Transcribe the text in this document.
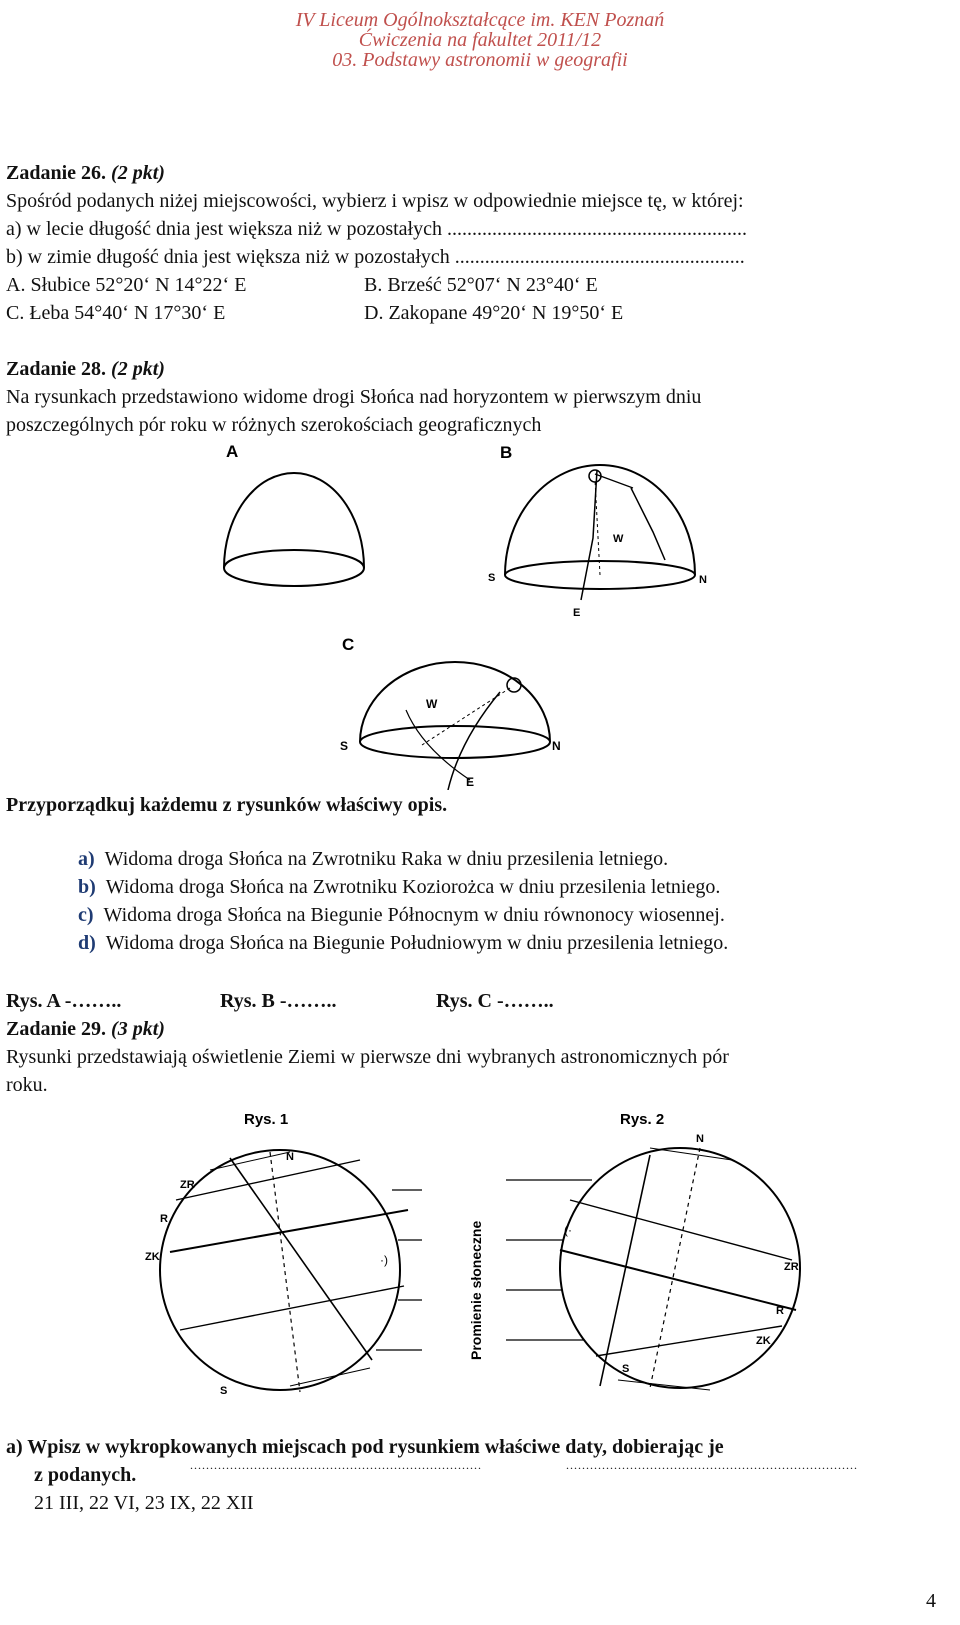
IV Liceum Ogólnokształcące im. KEN Poznań
Ćwiczenia na fakultet 2011/12
03. Podstawy astronomii w geografii
Zadanie 26. (2 pkt)
Spośród podanych niżej miejscowości, wybierz i wpisz w odpowiednie miejsce tę, w której:
a) w lecie długość dnia jest większa niż w pozostałych ............................................................
b) w zimie długość dnia jest większa niż w pozostałych ..........................................................
A. Słubice 52°20‘ N 14°22‘ E	B. Brześć 52°07‘ N 23°40‘ E
C. Łeba 54°40‘ N 17°30‘ E	D. Zakopane 49°20‘ N 19°50‘ E
Zadanie 28. (2 pkt)
Na rysunkach przedstawiono widome drogi Słońca nad horyzontem w pierwszym dniu
poszczególnych pór roku w różnych szerokościach geograficznych
A	B
W
S	N
E
C
W
S	N
E
Przyporządkuj każdemu z rysunków właściwy opis.
a) Widoma droga Słońca na Zwrotniku Raka w dniu przesilenia letniego.
b) Widoma droga Słońca na Zwrotniku Koziorożca w dniu przesilenia letniego.
c) Widoma droga Słońca na Biegunie Północnym w dniu równonocy wiosennej.
d) Widoma droga Słońca na Biegunie Południowym w dniu przesilenia letniego.
Rys. A -……..	Rys. B -……..	Rys. C -……..
Zadanie 29. (3 pkt)
Rysunki przedstawiają oświetlenie Ziemi w pierwsze dni wybranych astronomicznych pór
roku.
Rys. 1
·)
N
ZR
R
ZK
S
Promienie słoneczne
Rys. 2
(·
N
ZR
R
ZK
S
.........................................................................	.........................................................................
a) Wpisz w wykropkowanych miejscach pod rysunkiem właściwe daty, dobierając je
z podanych.
21 III, 22 VI, 23 IX, 22 XII
4
